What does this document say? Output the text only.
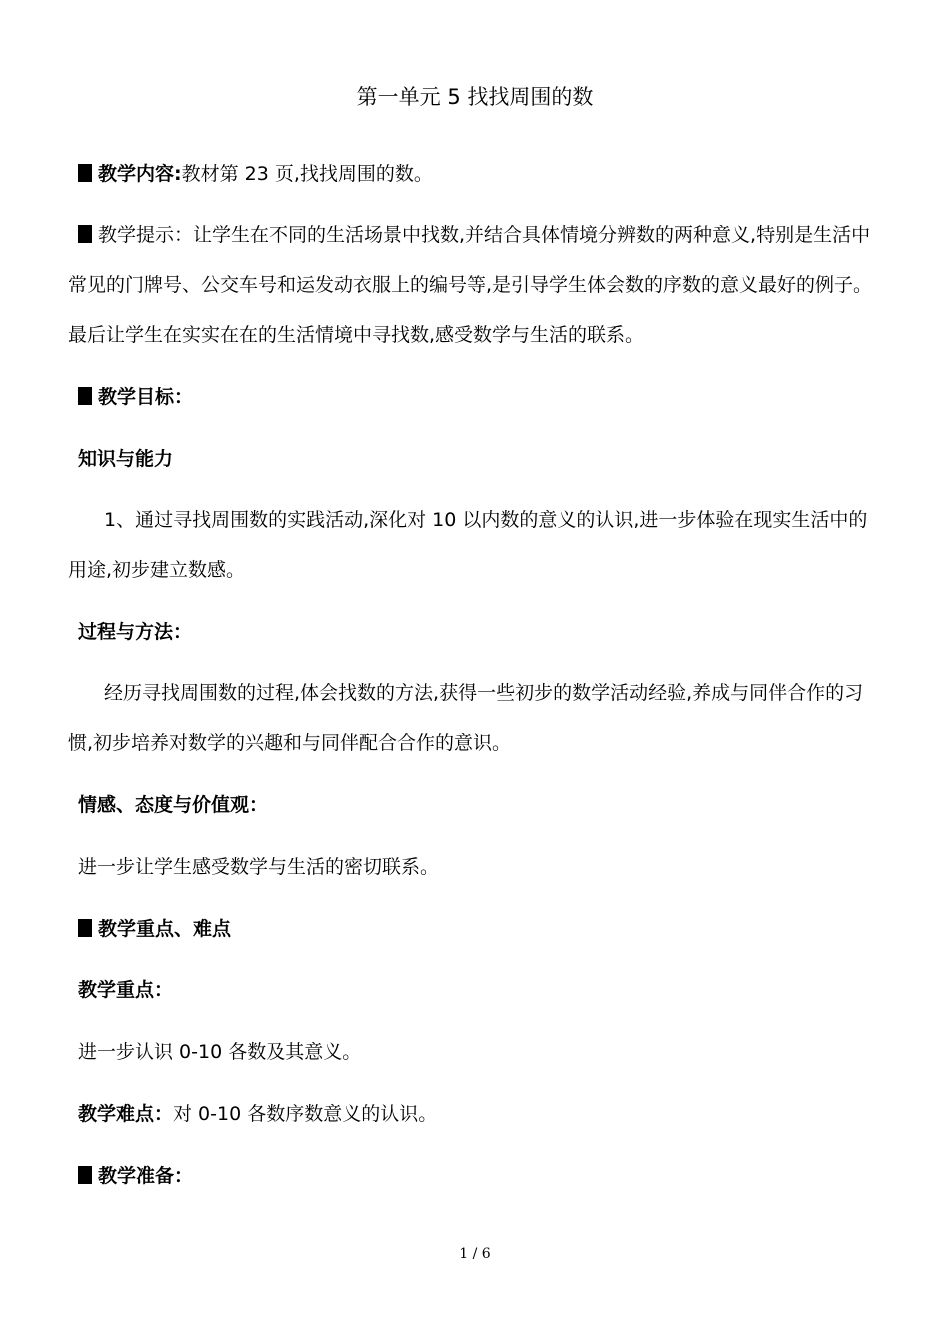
第一单元 5 找找周围的数
教学内容:教材第 23 页,找找周围的数。
教学提示：让学生在不同的生活场景中找数,并结合具体情境分辨数的两种意义,特别是生活中
常见的门牌号、公交车号和运发动衣服上的编号等,是引导学生体会数的序数的意义最好的例子。
最后让学生在实实在在的生活情境中寻找数,感受数学与生活的联系。
教学目标：
知识与能力
1、通过寻找周围数的实践活动,深化对 10 以内数的意义的认识,进一步体验在现实生活中的
用途,初步建立数感。
过程与方法：
经历寻找周围数的过程,体会找数的方法,获得一些初步的数学活动经验,养成与同伴合作的习
惯,初步培养对数学的兴趣和与同伴配合合作的意识。
情感、态度与价值观：
进一步让学生感受数学与生活的密切联系。
教学重点、难点
教学重点：
进一步认识 0-10 各数及其意义。
教学难点：对 0-10 各数序数意义的认识。
教学准备：
1 / 6
